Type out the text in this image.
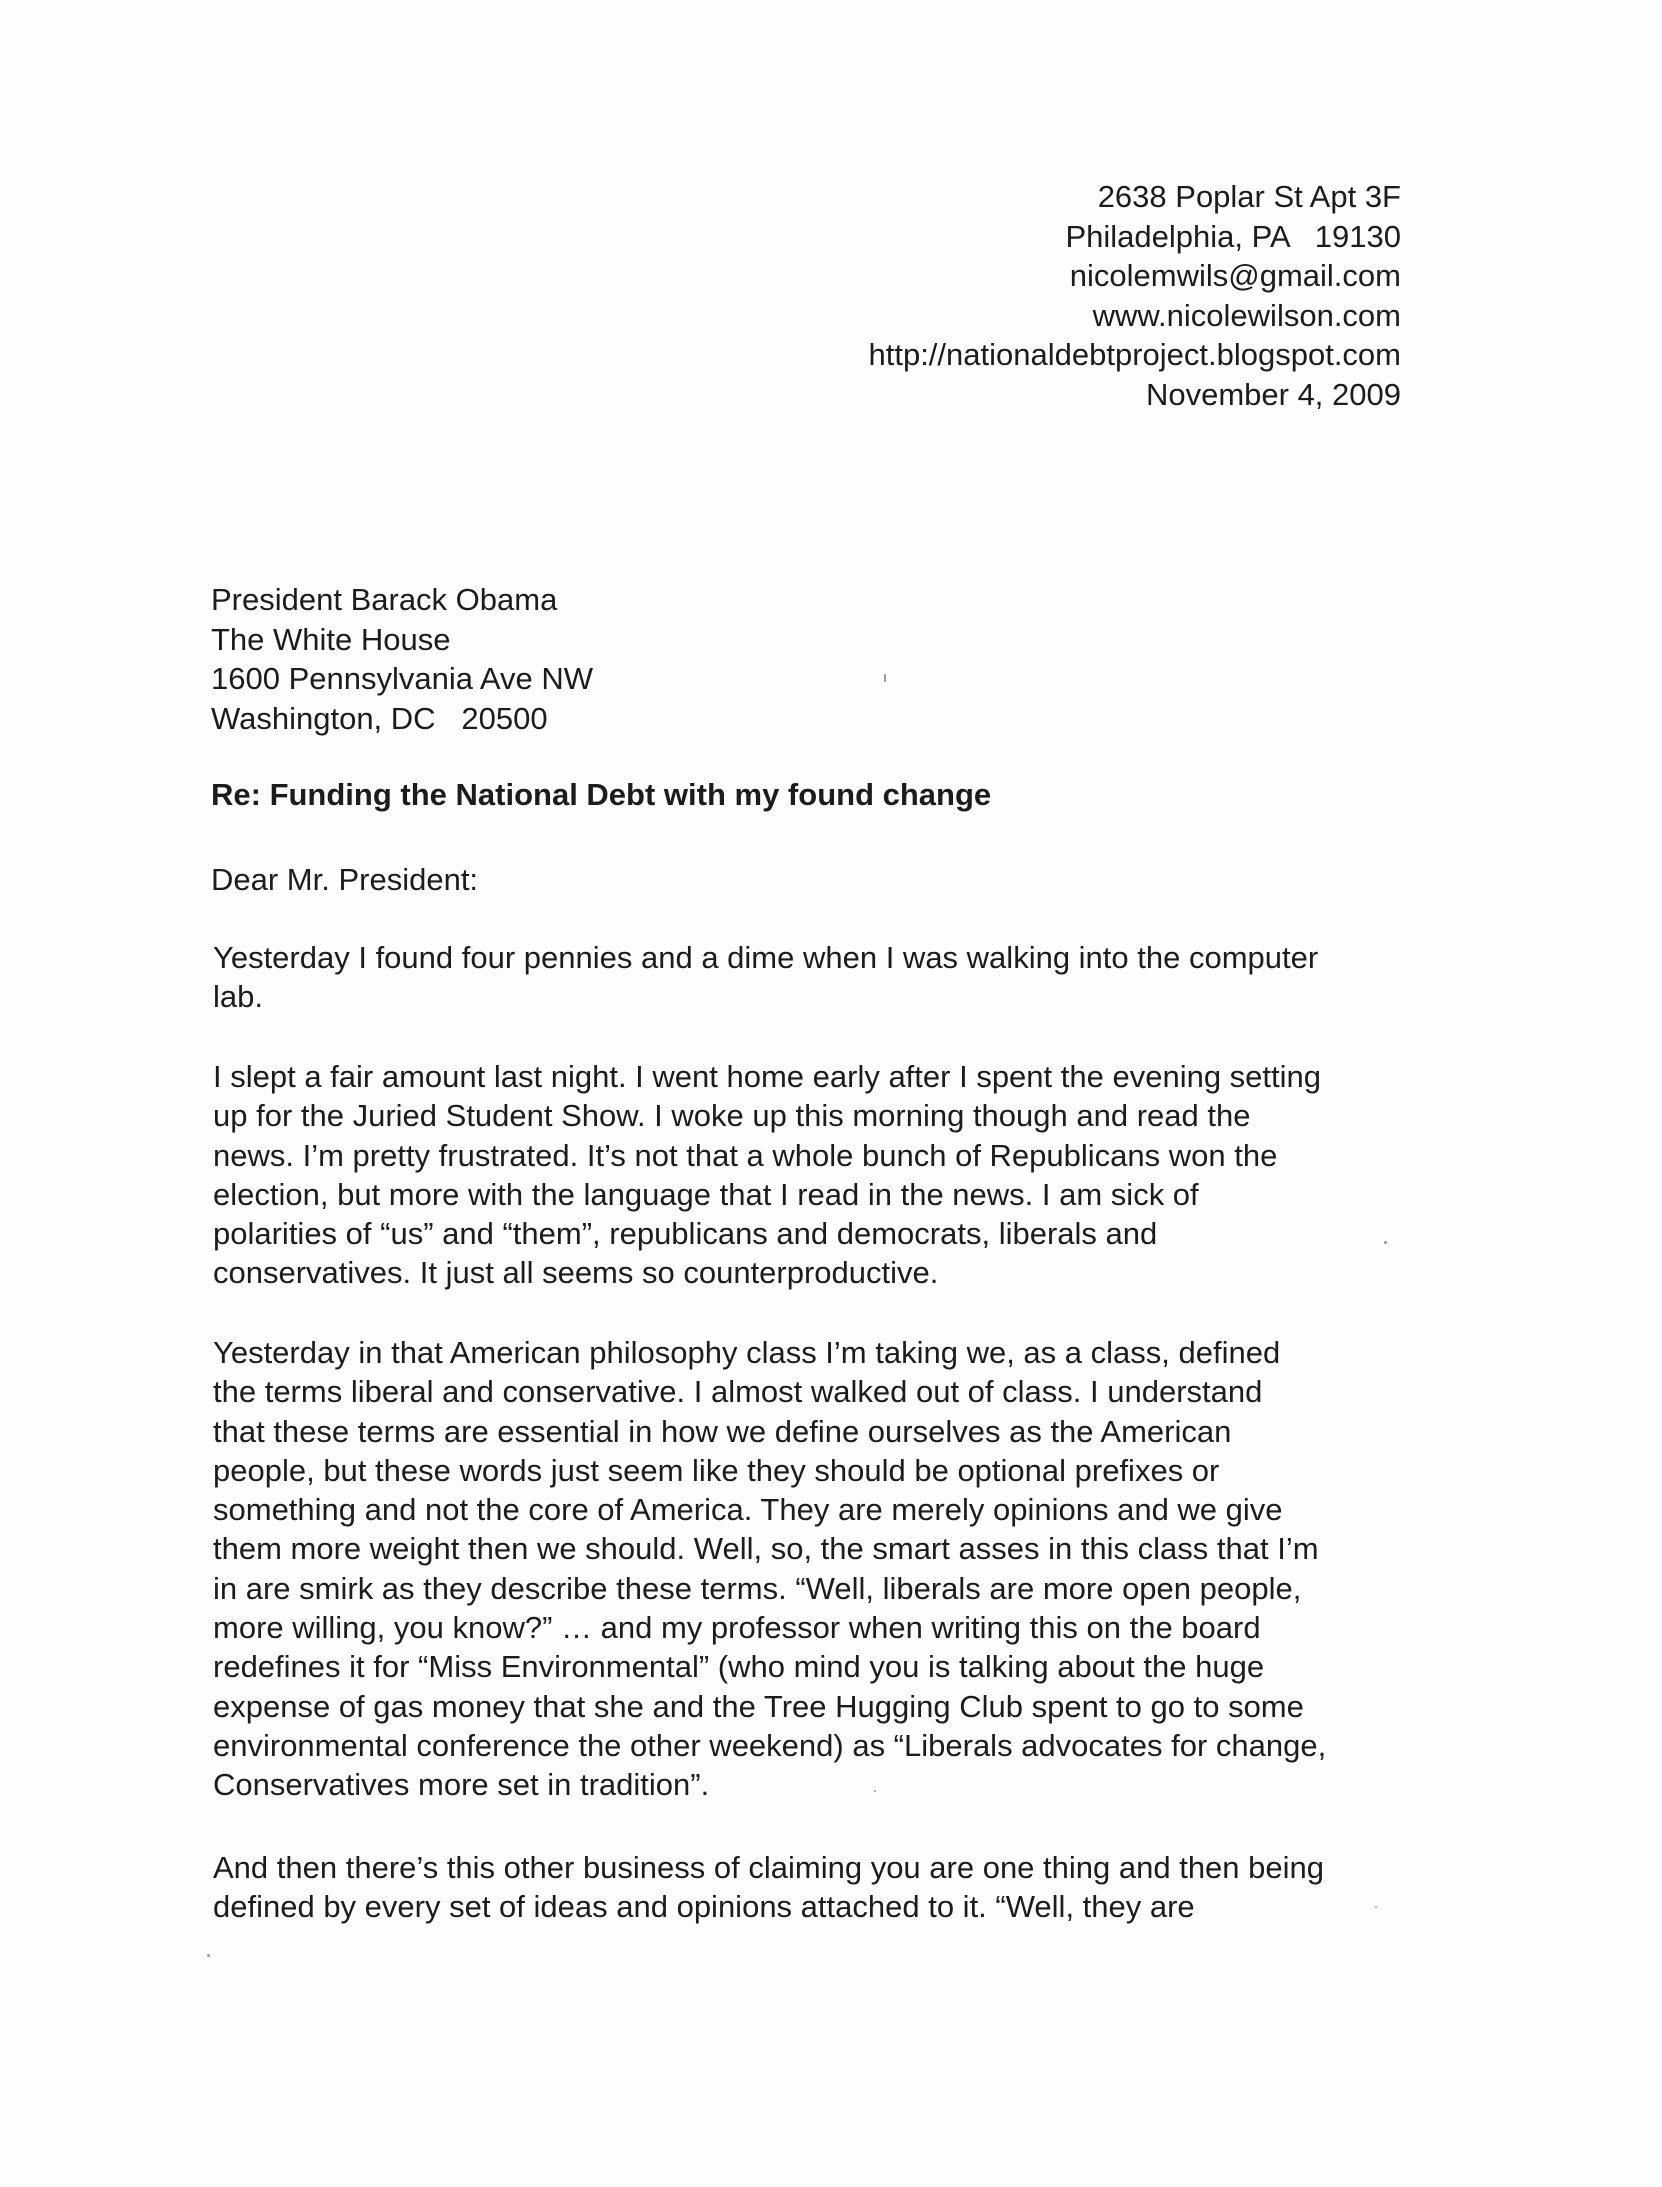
2638 Poplar St Apt 3F
Philadelphia, PA   19130
nicolemwils@gmail.com
www.nicolewilson.com
http://nationaldebtproject.blogspot.com
November 4, 2009
President Barack Obama
The White House
1600 Pennsylvania Ave NW
Washington, DC   20500
Re: Funding the National Debt with my found change
Dear Mr. President:
Yesterday I found four pennies and a dime when I was walking into the computer
lab.
I slept a fair amount last night. I went home early after I spent the evening setting
up for the Juried Student Show. I woke up this morning though and read the
news. I’m pretty frustrated. It’s not that a whole bunch of Republicans won the
election, but more with the language that I read in the news. I am sick of
polarities of “us” and “them”, republicans and democrats, liberals and
conservatives. It just all seems so counterproductive.
Yesterday in that American philosophy class I’m taking we, as a class, defined
the terms liberal and conservative. I almost walked out of class. I understand
that these terms are essential in how we define ourselves as the American
people, but these words just seem like they should be optional prefixes or
something and not the core of America. They are merely opinions and we give
them more weight then we should. Well, so, the smart asses in this class that I’m
in are smirk as they describe these terms. “Well, liberals are more open people,
more willing, you know?” … and my professor when writing this on the board
redefines it for “Miss Environmental” (who mind you is talking about the huge
expense of gas money that she and the Tree Hugging Club spent to go to some
environmental conference the other weekend) as “Liberals advocates for change,
Conservatives more set in tradition”.
And then there’s this other business of claiming you are one thing and then being
defined by every set of ideas and opinions attached to it. “Well, they are
